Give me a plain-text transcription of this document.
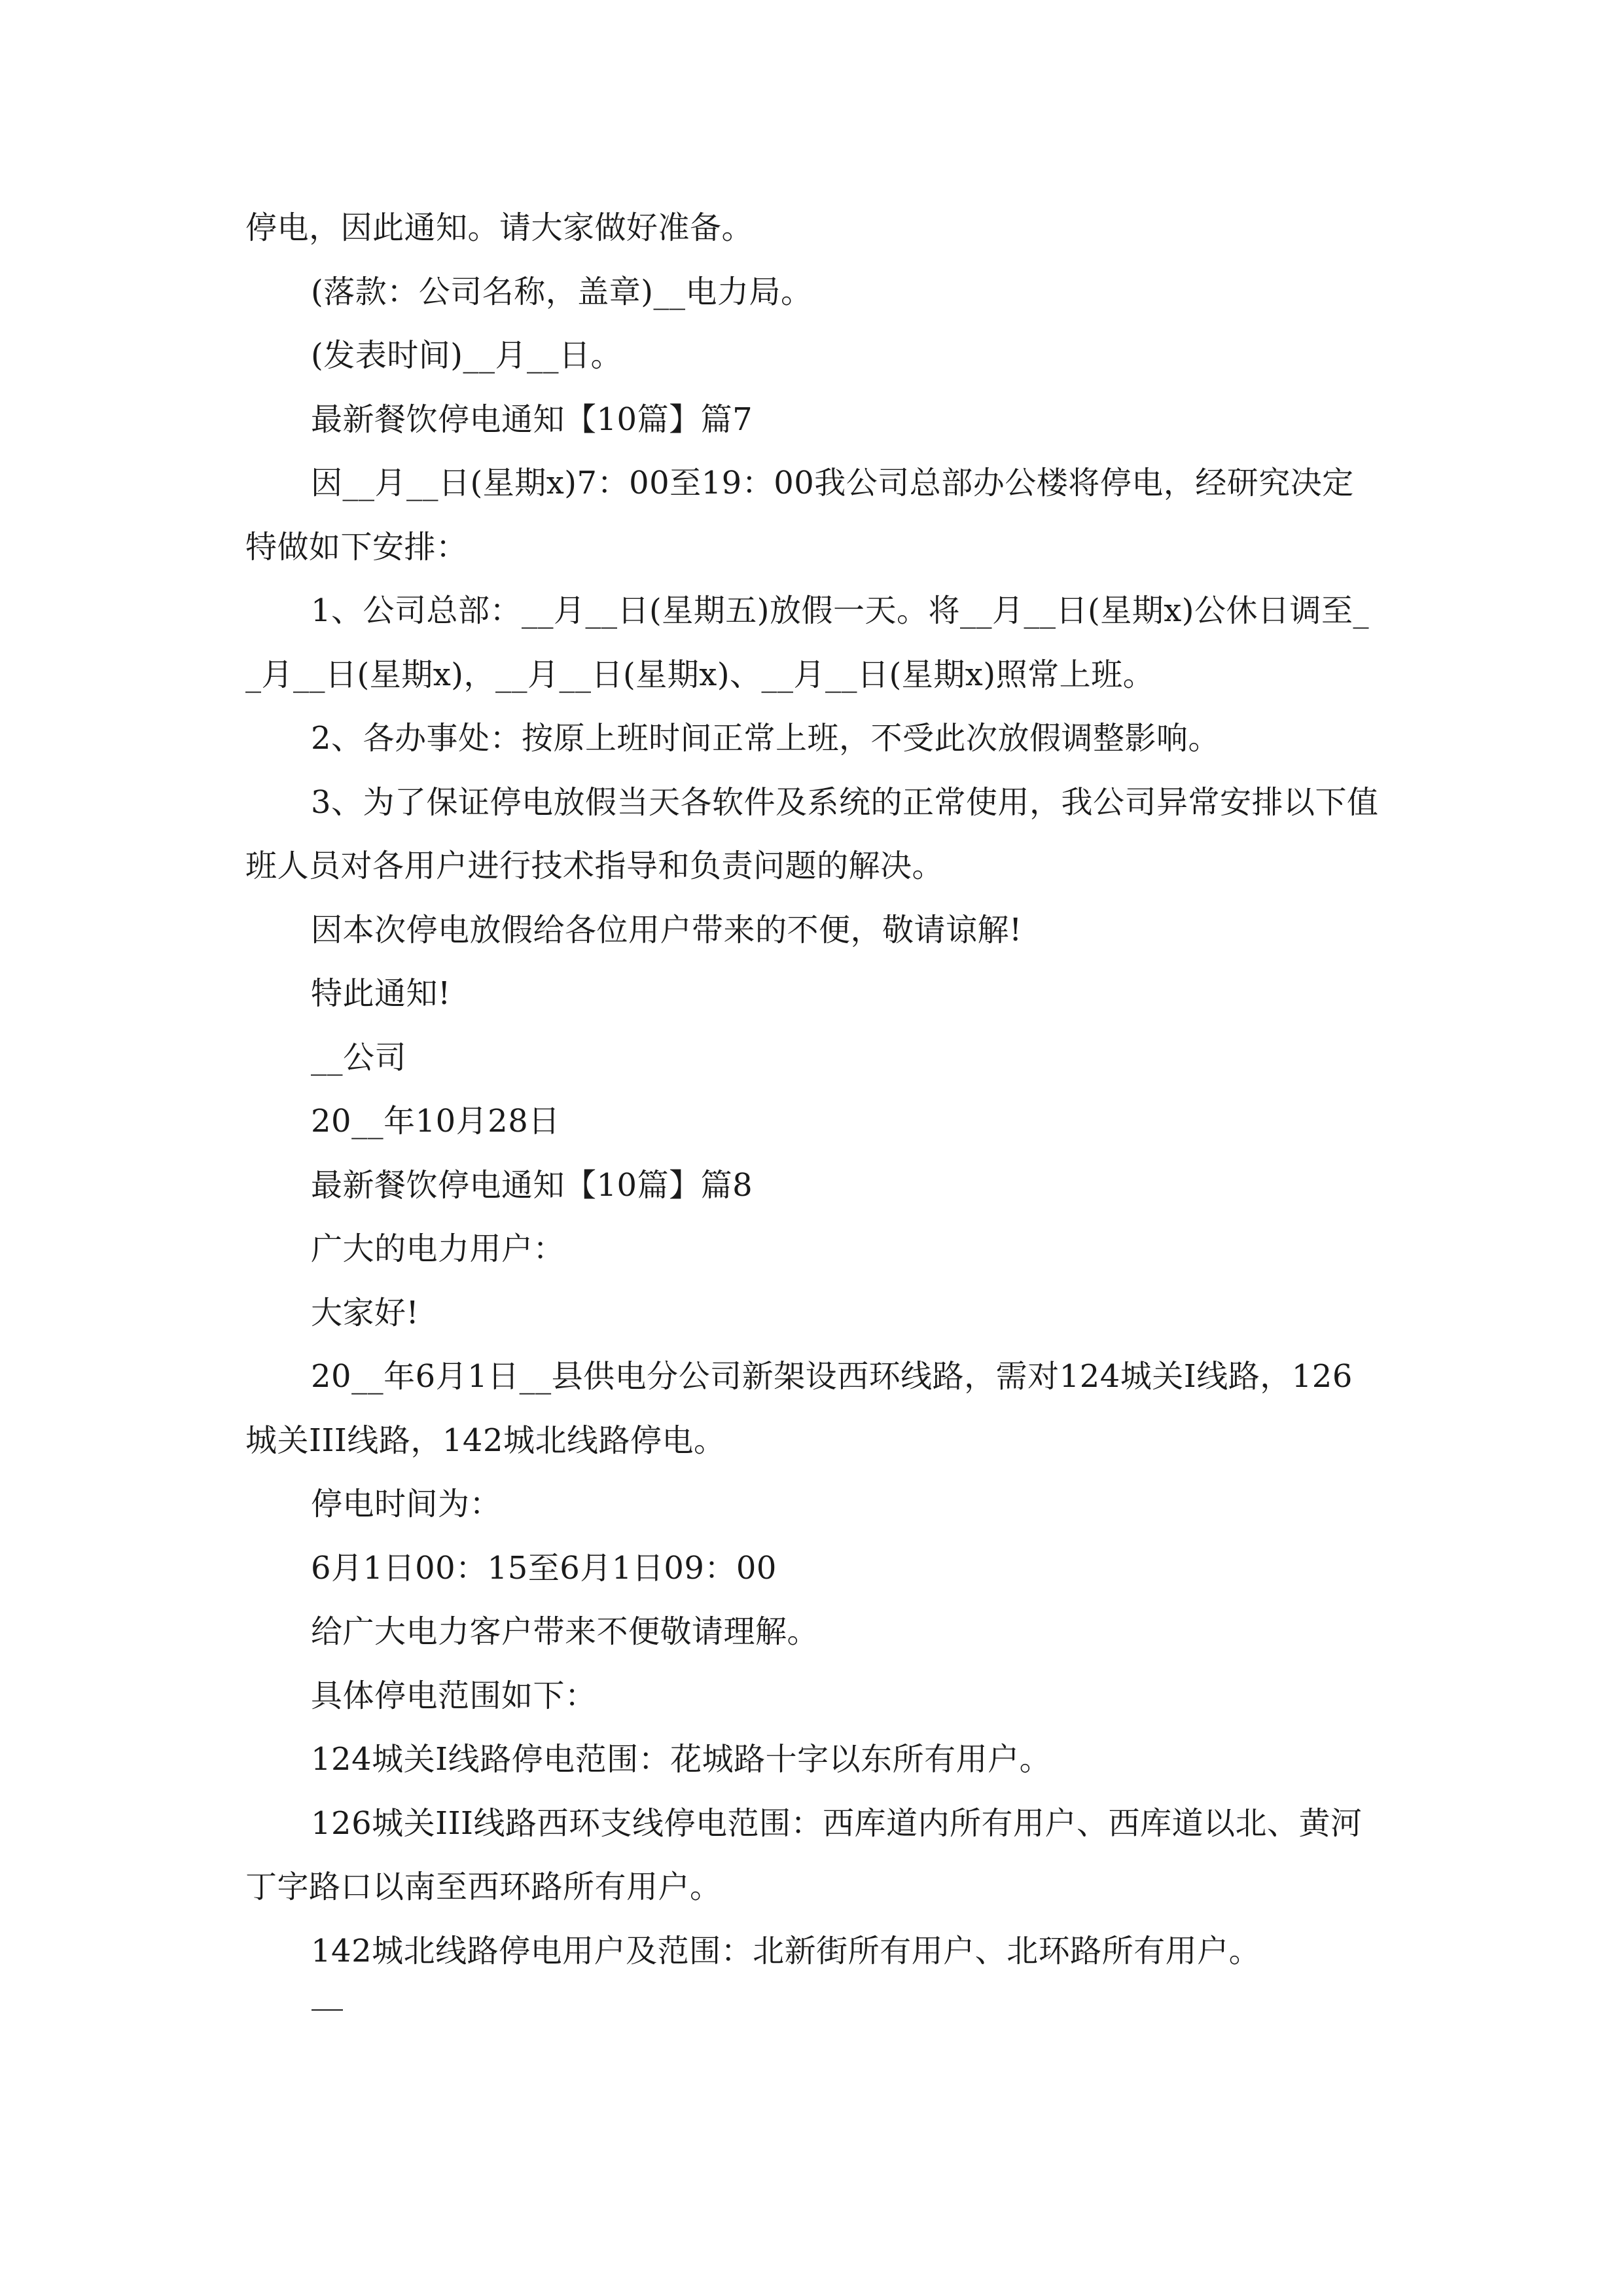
停电，因此通知。请大家做好准备。

(落款：公司名称，盖章)__电力局。

(发表时间)__月__日。

最新餐饮停电通知【10篇】篇7

因__月__日(星期x)7：00至19：00我公司总部办公楼将停电，经研究决定特做如下安排：

1、公司总部：__月__日(星期五)放假一天。将__月__日(星期x)公休日调至__月__日(星期x)，__月__日(星期x)、__月__日(星期x)照常上班。

2、各办事处：按原上班时间正常上班，不受此次放假调整影响。

3、为了保证停电放假当天各软件及系统的正常使用，我公司异常安排以下值班人员对各用户进行技术指导和负责问题的解决。

因本次停电放假给各位用户带来的不便，敬请谅解!

特此通知!

__公司

20__年10月28日

最新餐饮停电通知【10篇】篇8

广大的电力用户：

大家好!

20__年6月1日__县供电分公司新架设西环线路，需对124城关I线路，126城关III线路，142城北线路停电。

停电时间为：

6月1日00：15至6月1日09：00

给广大电力客户带来不便敬请理解。

具体停电范围如下：

124城关I线路停电范围：花城路十字以东所有用户。

126城关III线路西环支线停电范围：西库道内所有用户、西库道以北、黄河丁字路口以南至西环路所有用户。

142城北线路停电用户及范围：北新街所有用户、北环路所有用户。
